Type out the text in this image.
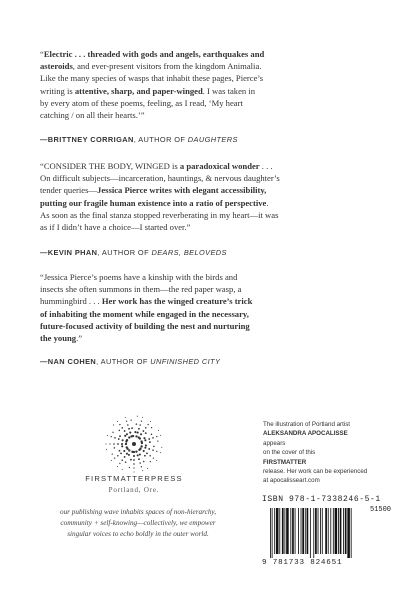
“Electric . . . threaded with gods and angels, earthquakes and
asteroids, and ever-present visitors from the kingdom Animalia.
Like the many species of wasps that inhabit these pages, Pierce’s
writing is attentive, sharp, and paper-winged. I was taken in
by every atom of these poems, feeling, as I read, ‘My heart
catching / on all their hearts.’”
—BRITTNEY CORRIGAN, AUTHOR OF DAUGHTERS
“CONSIDER THE BODY, WINGED is a paradoxical wonder . . .
On difficult subjects—incarceration, hauntings, & nervous daughter’s
tender queries—Jessica Pierce writes with elegant accessibility,
putting our fragile human existence into a ratio of perspective.
As soon as the final stanza stopped reverberating in my heart—it was
as if I didn’t have a choice—I started over.”
—KEVIN PHAN, AUTHOR OF DEARS, BELOVEDS
“Jessica Pierce’s poems have a kinship with the birds and
insects she often summons in them—the red paper wasp, a
hummingbird . . . Her work has the winged creature’s trick
of inhabiting the moment while engaged in the necessary,
future-focused activity of building the nest and nurturing
the young.”
—NAN COHEN, AUTHOR OF UNFINISHED CITY
FIRSTMATTERPRESS
Portland, Ore.
our publishing wave inhabits spaces of non-hierarchy,
community + self-knowing—collectively, we empower
singular voices to echo boldly in the outer world.
The illustration of Portland artist
ALEKSANDRA APOCALISSE
appears
on the cover of this
FIRSTMATTER
release. Her work can be experienced
at apocalisseart.com
ISBN 978-1-7338246-5-1
51500
9 781733 824651
